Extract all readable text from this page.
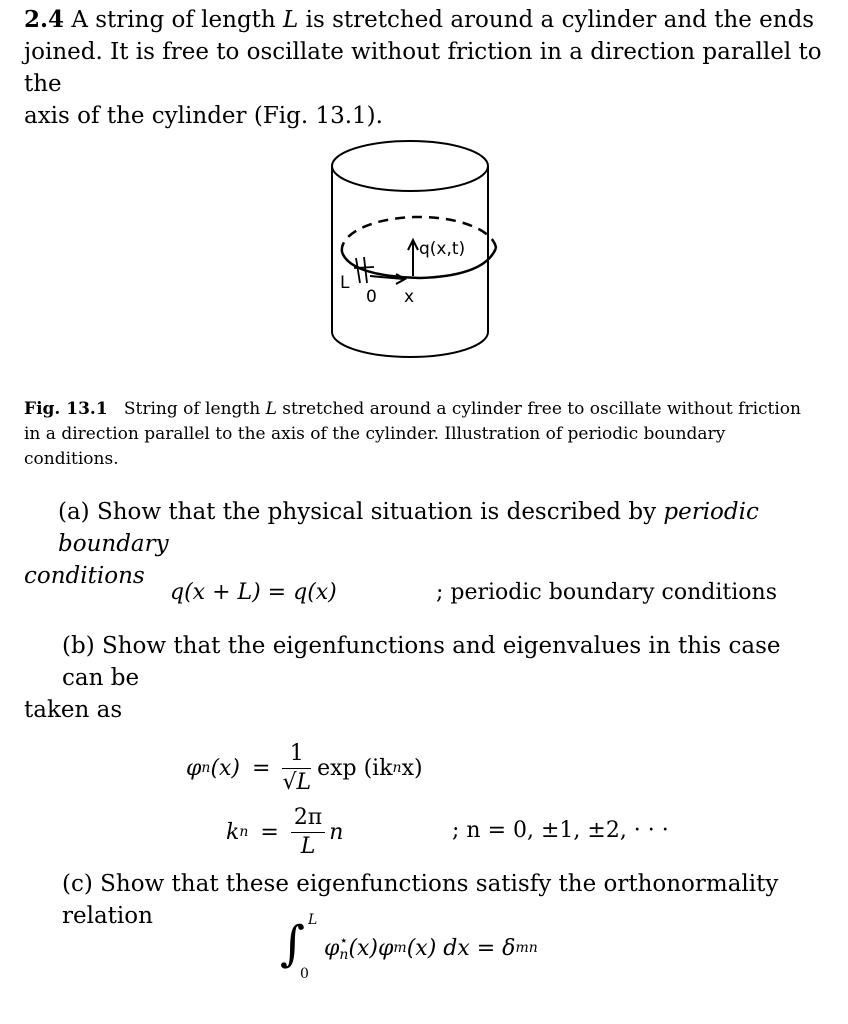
2.4 A string of length L is stretched around a cylinder and the ends
joined. It is free to oscillate without friction in a direction parallel to the
axis of the cylinder (Fig. 13.1).
q(x,t)
L
0 x
Fig. 13.1 String of length L stretched around a cylinder free to oscillate without friction
in a direction parallel to the axis of the cylinder. Illustration of periodic boundary
conditions.
(a) Show that the physical situation is described by periodic boundary
conditions
q(x + L) = q(x)	; periodic boundary conditions
(b) Show that the eigenfunctions and eigenvalues in this case can be
taken as
φ n $(x) = \frac{1}{√L}$ exp (ik n x)
k $n = \frac{2\pi}{L}$ n	; n = 0, ±1, ±2, · · ·
(c) Show that these eigenfunctions satisfy the orthonormality relation	∫ L
0
φ ⋆
n (x)φ m (x) dx = δ mn
